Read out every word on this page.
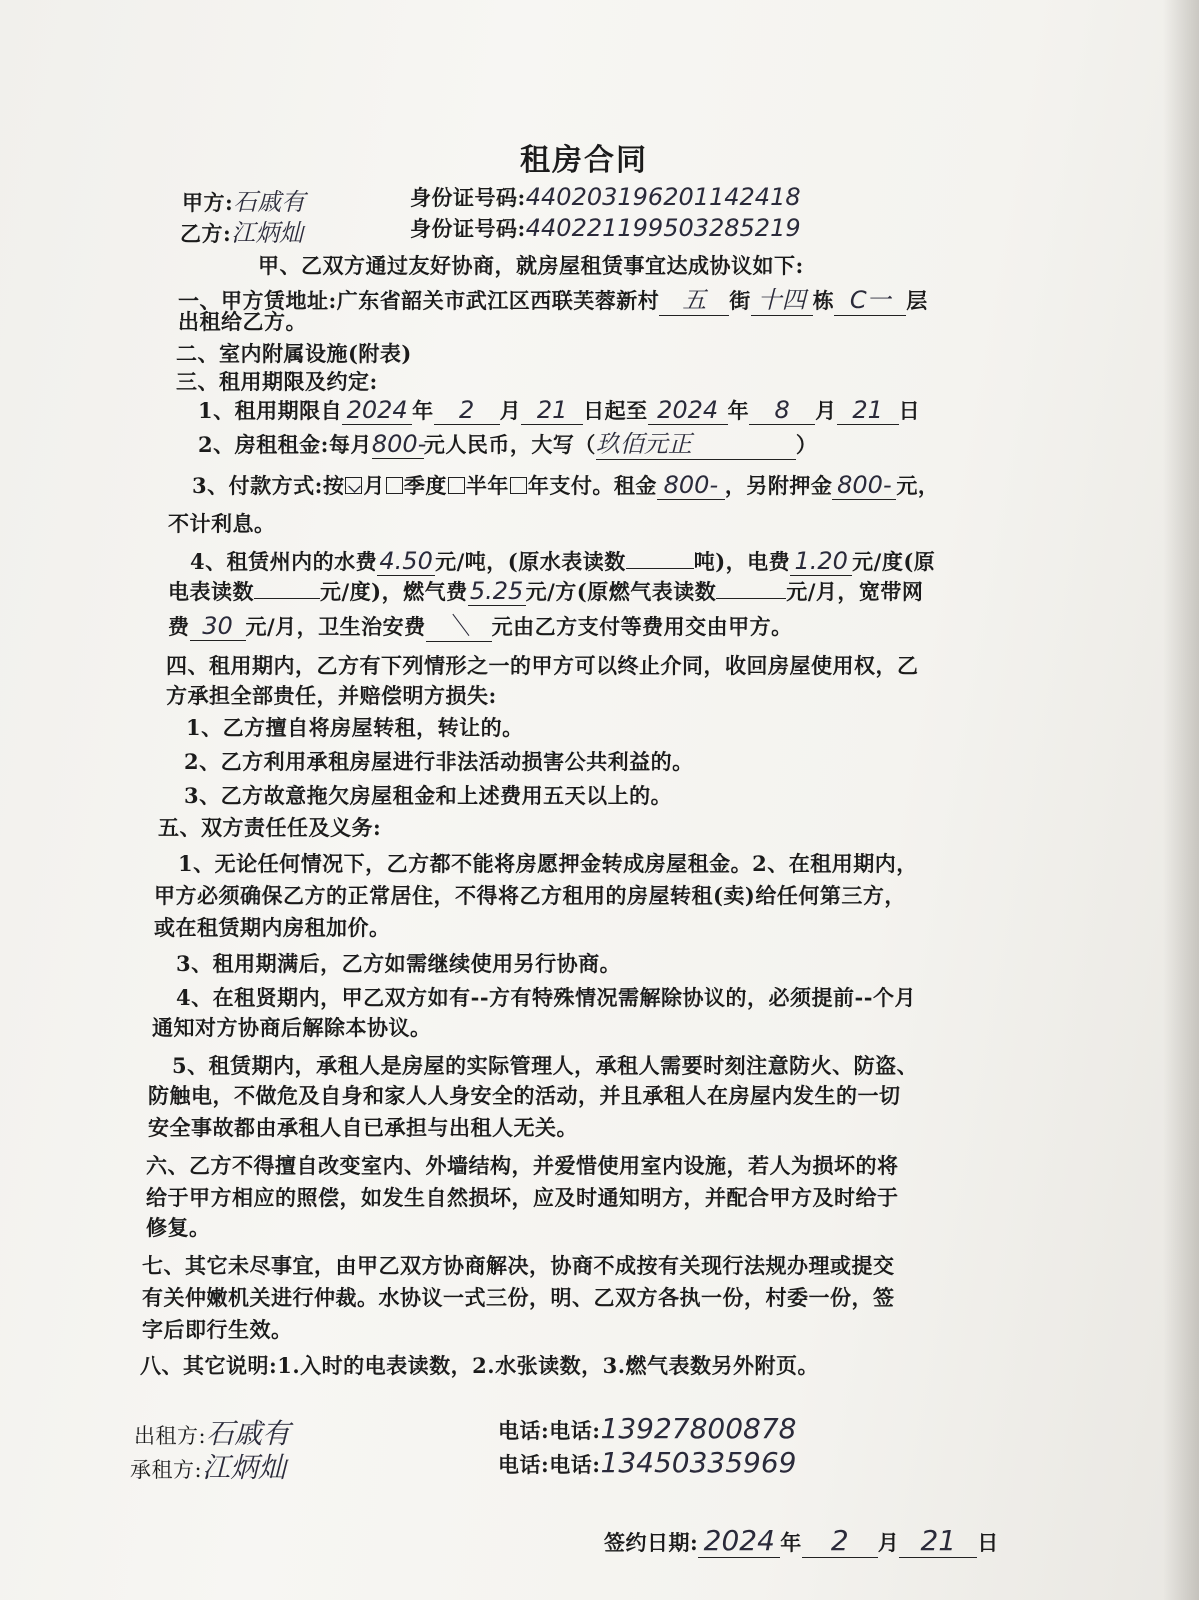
租房合同
甲方:石戚有	身份证号码:440203196201142418
乙方:江炳灿	身份证号码:440221199503285219
甲、乙双方通过友好协商，就房屋租赁事宜达成协议如下:
一、甲方赁地址:广东省韶关市武江区西联芙蓉新村 五 街 十四 栋 C一 层
出租给乙方。
二、室内附属设施(附表)
三、租用期限及约定:
1、租用期限自 2024 年 2 月 21 日起至 2024 年 8 月 21 日
2、房租租金:每月800-元人民币，大写（玖佰元正	）
3、付款方式:按 月 季度 半年 年支付。租金 800- ，另附押金 800- 元，
不计利息。
4、租赁州内的水费4.50 元/吨，(原水表读数	吨)，电费 1.20 元/度(原
电表读数	元/度)，燃气费5.25 元/方(原燃气表读数	元/月，宽带网
费 30 元/月，卫生治安费 ＼ 元由乙方支付等费用交由甲方。
四、租用期内，乙方有下列情形之一的甲方可以终止介同，收回房屋使用权，乙
方承担全部贵任，并赔偿明方损失:
1、乙方擅自将房屋转租，转让的。
2、乙方利用承租房屋进行非法活动损害公共利益的。
3、乙方故意拖欠房屋租金和上述费用五天以上的。
五、双方责任任及义务:
1、无论任何情况下，乙方都不能将房愿押金转成房屋租金。2、在租用期内，
甲方必须确保乙方的正常居住，不得将乙方租用的房屋转租(卖)给任何第三方，
或在租赁期内房租加价。
3、租用期满后，乙方如需继续使用另行协商。
4、在租贤期内，甲乙双方如有--方有特殊情况需解除协议的，必须提前--个月
通知对方协商后解除本协议。
5、租赁期内，承租人是房屋的实际管理人，承租人需要时刻注意防火、防盗、
防触电，不做危及自身和家人人身安全的活动，并且承租人在房屋内发生的一切
安全事故都由承租人自已承担与出租人无关。
六、乙方不得擅自改变室内、外墙结构，并爱惜使用室内设施，若人为损坏的将
给于甲方相应的照偿，如发生自然损坏，应及时通知明方，并配合甲方及时给于
修复。
七、其它未尽事宜，由甲乙双方协商解决，协商不成按有关现行法规办理或提交
有关仲嫩机关进行仲裁。水协议一式三份，明、乙双方各执一份，村委一份，签
字后即行生效。
八、其它说明:1.入时的电表读数，2.水张读数，3.燃气表数另外附页。
出租方:石戚有	电话:电话:13927800878
承租方:江炳灿	电话:电话:13450335969
签约日期: 2024 年 2 月 21 日
